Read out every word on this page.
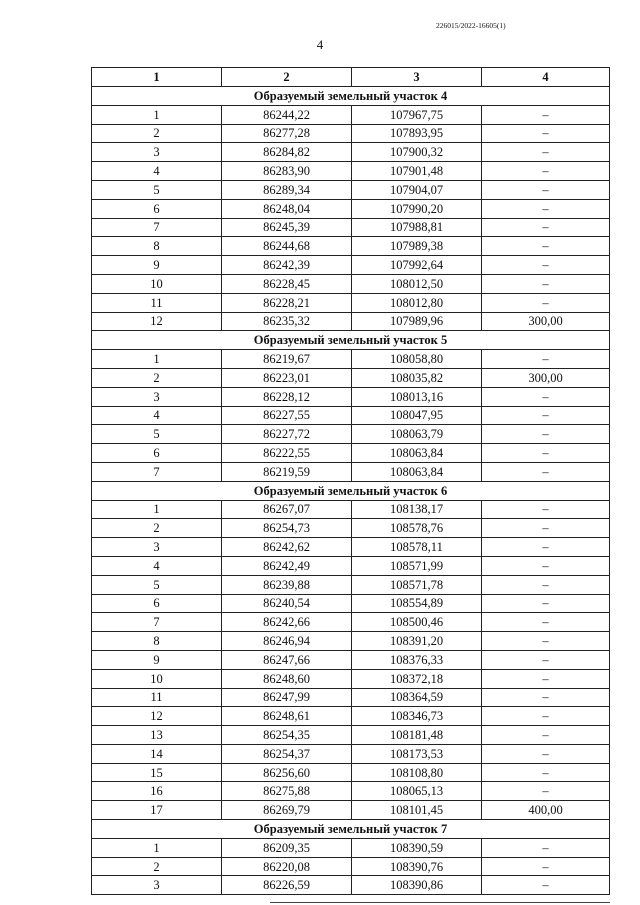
226015/2022-16605(1)
4
1	2	3	4
Образуемый земельный участок 4			
1	86244,22	107967,75	–
2	86277,28	107893,95	–
3	86284,82	107900,32	–
4	86283,90	107901,48	–
5	86289,34	107904,07	–
6	86248,04	107990,20	–
7	86245,39	107988,81	–
8	86244,68	107989,38	–
9	86242,39	107992,64	–
10	86228,45	108012,50	–
11	86228,21	108012,80	–
12	86235,32	107989,96	300,00
Образуемый земельный участок 5			
1	86219,67	108058,80	–
2	86223,01	108035,82	300,00
3	86228,12	108013,16	–
4	86227,55	108047,95	–
5	86227,72	108063,79	–
6	86222,55	108063,84	–
7	86219,59	108063,84	–
Образуемый земельный участок 6			
1	86267,07	108138,17	–
2	86254,73	108578,76	–
3	86242,62	108578,11	–
4	86242,49	108571,99	–
5	86239,88	108571,78	–
6	86240,54	108554,89	–
7	86242,66	108500,46	–
8	86246,94	108391,20	–
9	86247,66	108376,33	–
10	86248,60	108372,18	–
11	86247,99	108364,59	–
12	86248,61	108346,73	–
13	86254,35	108181,48	–
14	86254,37	108173,53	–
15	86256,60	108108,80	–
16	86275,88	108065,13	–
17	86269,79	108101,45	400,00
Образуемый земельный участок 7			
1	86209,35	108390,59	–
2	86220,08	108390,76	–
3	86226,59	108390,86	–
